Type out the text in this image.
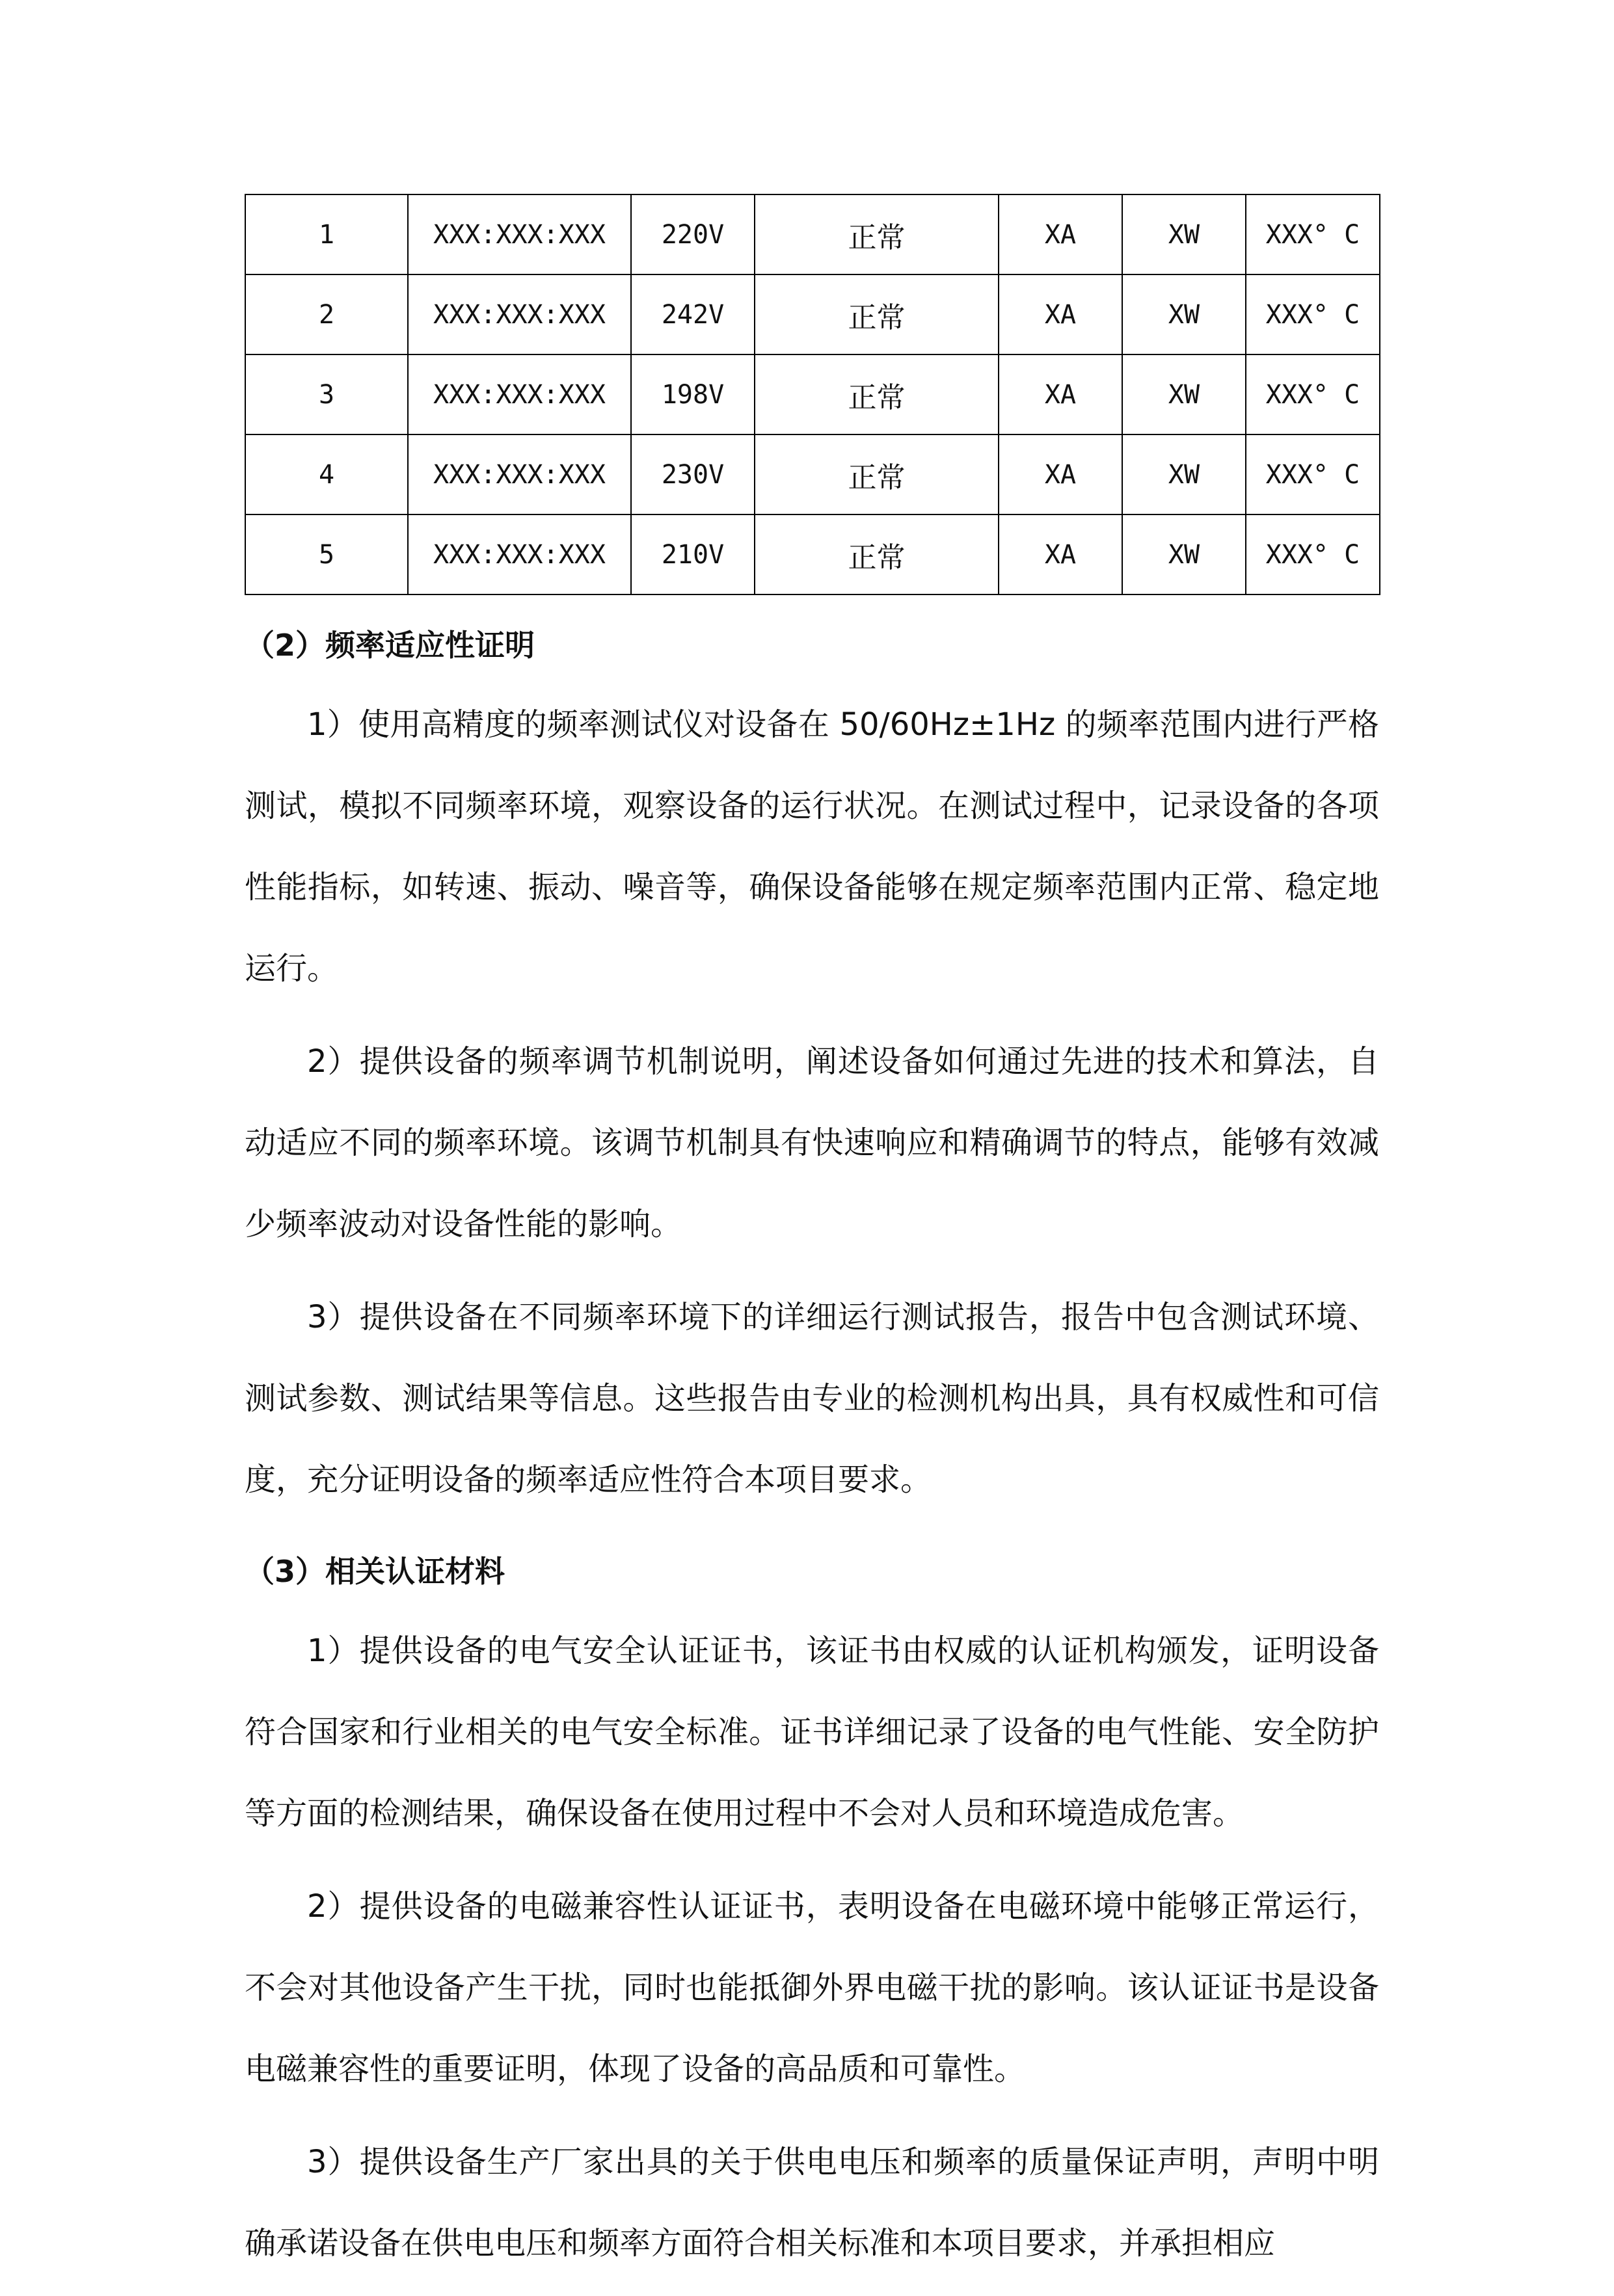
1	XXX:XXX:XXX	220V	正常	XA	XW	XXX° C
2	XXX:XXX:XXX	242V	正常	XA	XW	XXX° C
3	XXX:XXX:XXX	198V	正常	XA	XW	XXX° C
4	XXX:XXX:XXX	230V	正常	XA	XW	XXX° C
5	XXX:XXX:XXX	210V	正常	XA	XW	XXX° C
（2）频率适应性证明

1）使用高精度的频率测试仪对设备在 50/60Hz±1Hz 的频率范围内进行严格测试，模拟不同频率环境，观察设备的运行状况。在测试过程中，记录设备的各项性能指标，如转速、振动、噪音等，确保设备能够在规定频率范围内正常、稳定地运行。

2）提供设备的频率调节机制说明，阐述设备如何通过先进的技术和算法，自动适应不同的频率环境。该调节机制具有快速响应和精确调节的特点，能够有效减少频率波动对设备性能的影响。

3）提供设备在不同频率环境下的详细运行测试报告，报告中包含测试环境、测试参数、测试结果等信息。这些报告由专业的检测机构出具，具有权威性和可信度，充分证明设备的频率适应性符合本项目要求。

（3）相关认证材料

1）提供设备的电气安全认证证书，该证书由权威的认证机构颁发，证明设备符合国家和行业相关的电气安全标准。证书详细记录了设备的电气性能、安全防护等方面的检测结果，确保设备在使用过程中不会对人员和环境造成危害。

2）提供设备的电磁兼容性认证证书，表明设备在电磁环境中能够正常运行，不会对其他设备产生干扰，同时也能抵御外界电磁干扰的影响。该认证证书是设备电磁兼容性的重要证明，体现了设备的高品质和可靠性。

3）提供设备生产厂家出具的关于供电电压和频率的质量保证声明，声明中明确承诺设备在供电电压和频率方面符合相关标准和本项目要求，并承担相应
